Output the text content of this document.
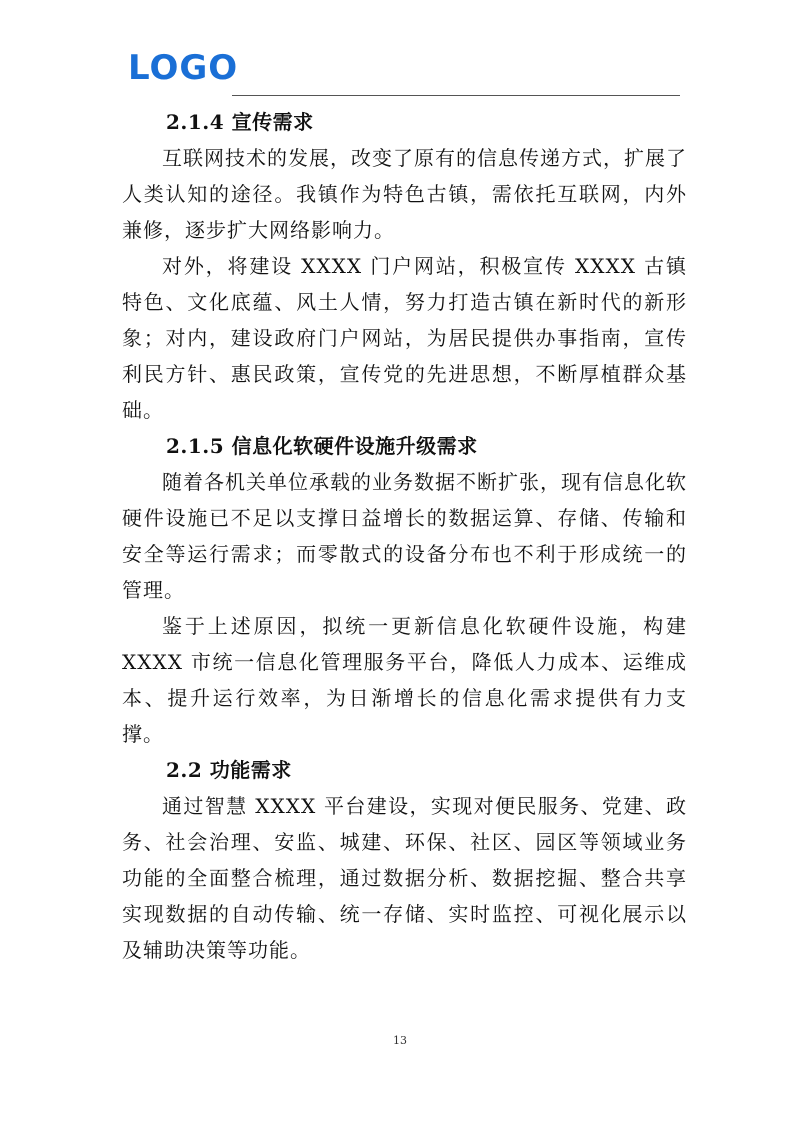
LOGO
2.1.4 宣传需求

互联网技术的发展，改变了原有的信息传递方式，扩展了人类认知的途径。我镇作为特色古镇，需依托互联网，内外兼修，逐步扩大网络影响力。

对外，将建设 XXXX 门户网站，积极宣传 XXXX 古镇特色、文化底蕴、风土人情，努力打造古镇在新时代的新形象；对内，建设政府门户网站，为居民提供办事指南，宣传利民方针、惠民政策，宣传党的先进思想，不断厚植群众基础。

2.1.5 信息化软硬件设施升级需求

随着各机关单位承载的业务数据不断扩张，现有信息化软硬件设施已不足以支撑日益增长的数据运算、存储、传输和安全等运行需求；而零散式的设备分布也不利于形成统一的管理。

鉴于上述原因，拟统一更新信息化软硬件设施，构建 XXXX 市统一信息化管理服务平台，降低人力成本、运维成本、提升运行效率，为日渐增长的信息化需求提供有力支撑。

2.2 功能需求

通过智慧 XXXX 平台建设，实现对便民服务、党建、政务、社会治理、安监、城建、环保、社区、园区等领域业务功能的全面整合梳理，通过数据分析、数据挖掘、整合共享实现数据的自动传输、统一存储、实时监控、可视化展示以及辅助决策等功能。

13
